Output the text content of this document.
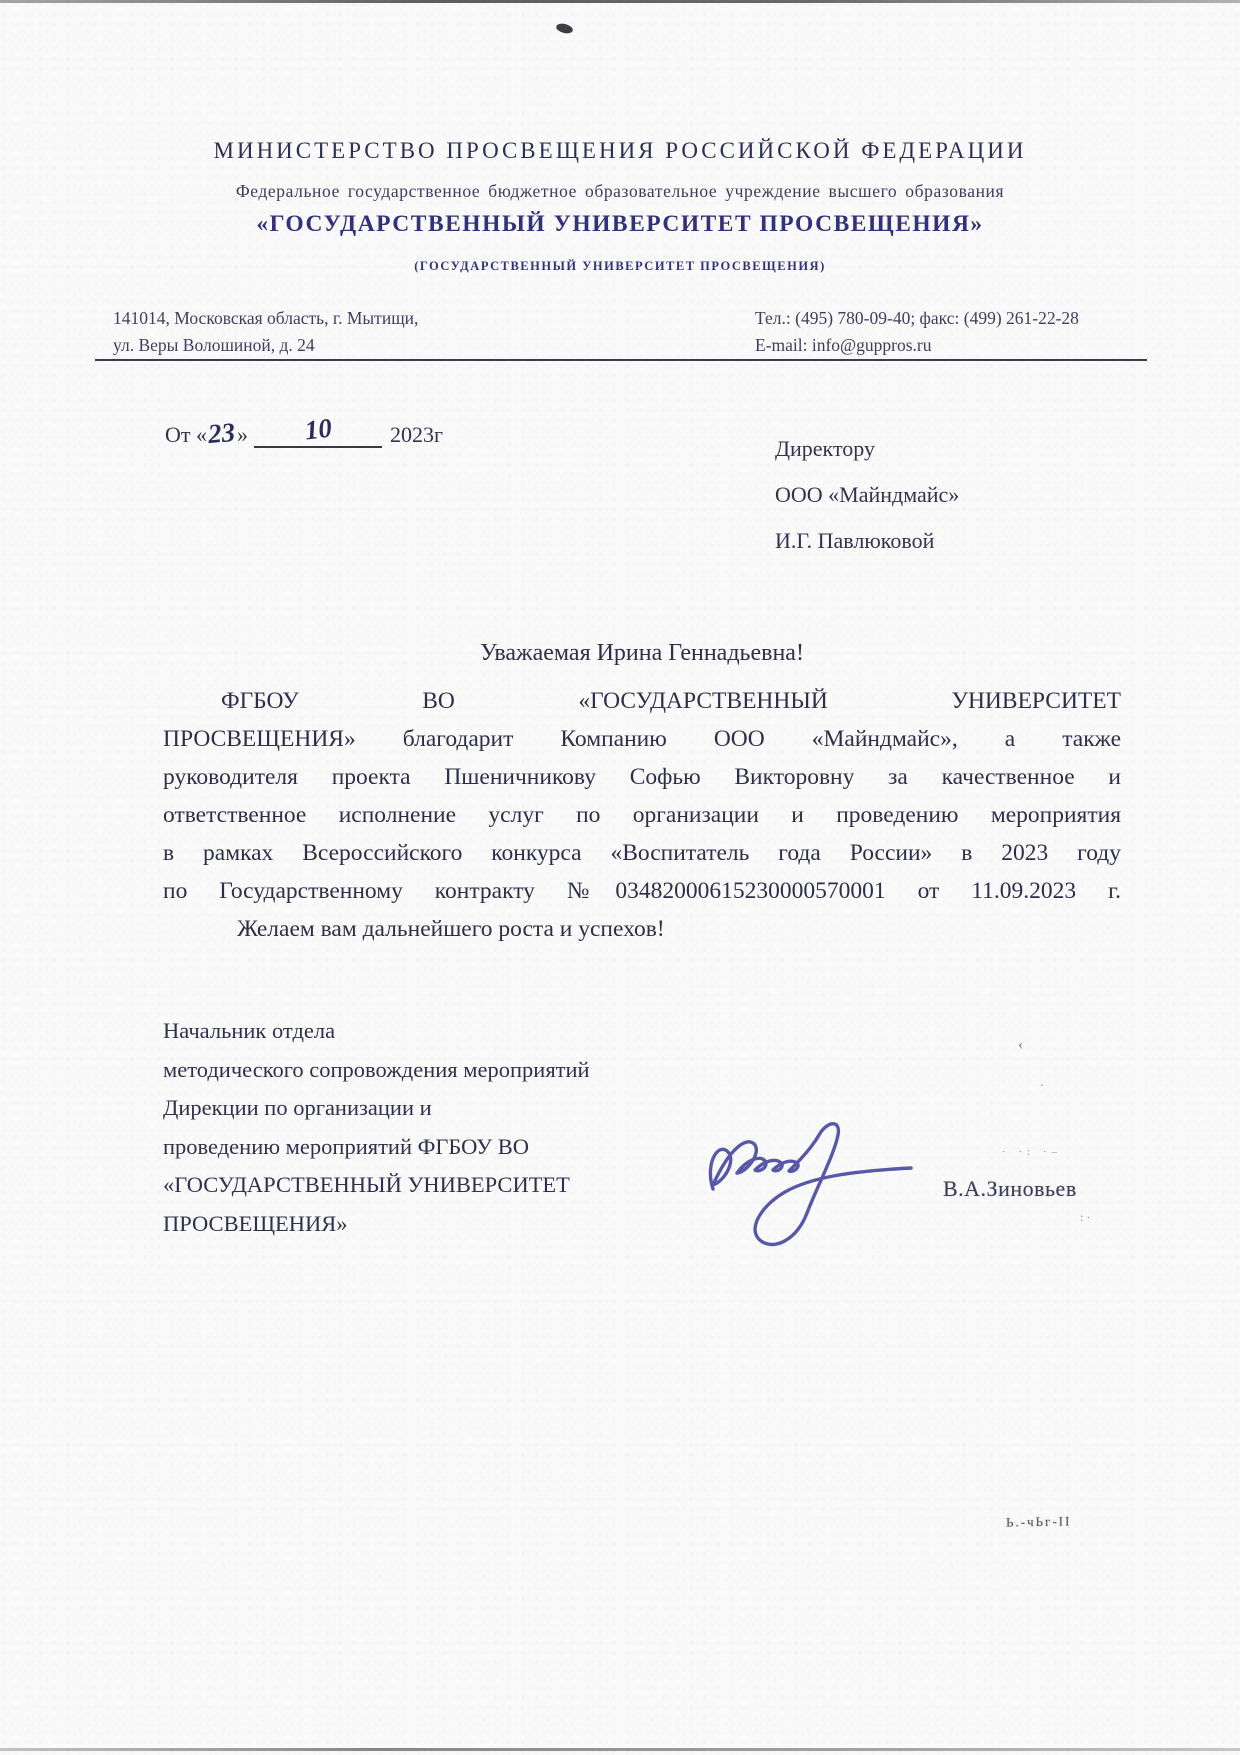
МИНИСТЕРСТВО ПРОСВЕЩЕНИЯ РОССИЙСКОЙ ФЕДЕРАЦИИ
Федеральное государственное бюджетное образовательное учреждение высшего образования
«ГОСУДАРСТВЕННЫЙ УНИВЕРСИТЕТ ПРОСВЕЩЕНИЯ»
(ГОСУДАРСТВЕННЫЙ УНИВЕРСИТЕТ ПРОСВЕЩЕНИЯ)
141014, Московская область, г. Мытищи,
ул. Веры Волошиной, д. 24
Тел.: (495) 780-09-40; факс: (499) 261-22-28
E-mail: info@guppros.ru
От «23» 10	2023г
Директору
ООО «Майндмайс»
И.Г. Павлюковой
Уважаемая Ирина Геннадьевна!
ФГБОУ ВО «ГОСУДАРСТВЕННЫЙ УНИВЕРСИТЕТ
ПРОСВЕЩЕНИЯ» благодарит Компанию ООО «Майндмайс», а также
руководителя проекта Пшеничникову Софью Викторовну за качественное и
ответственное исполнение услуг по организации и проведению мероприятия
в рамках Всероссийского конкурса «Воспитатель года России» в 2023 году
по Государственному контракту №03482000615230000570001 от 11.09.2023 г.
Желаем вам дальнейшего роста и успехов!
Начальник отдела
методического сопровождения мероприятий
Дирекции по организации и
проведению мероприятий ФГБОУ ВО
«ГОСУДАРСТВЕННЫЙ УНИВЕРСИТЕТ
ПРОСВЕЩЕНИЯ»
В.А.Зиновьев
‹
·
· ·: ·–
: ·
Ь.-чЬг-ІІ
